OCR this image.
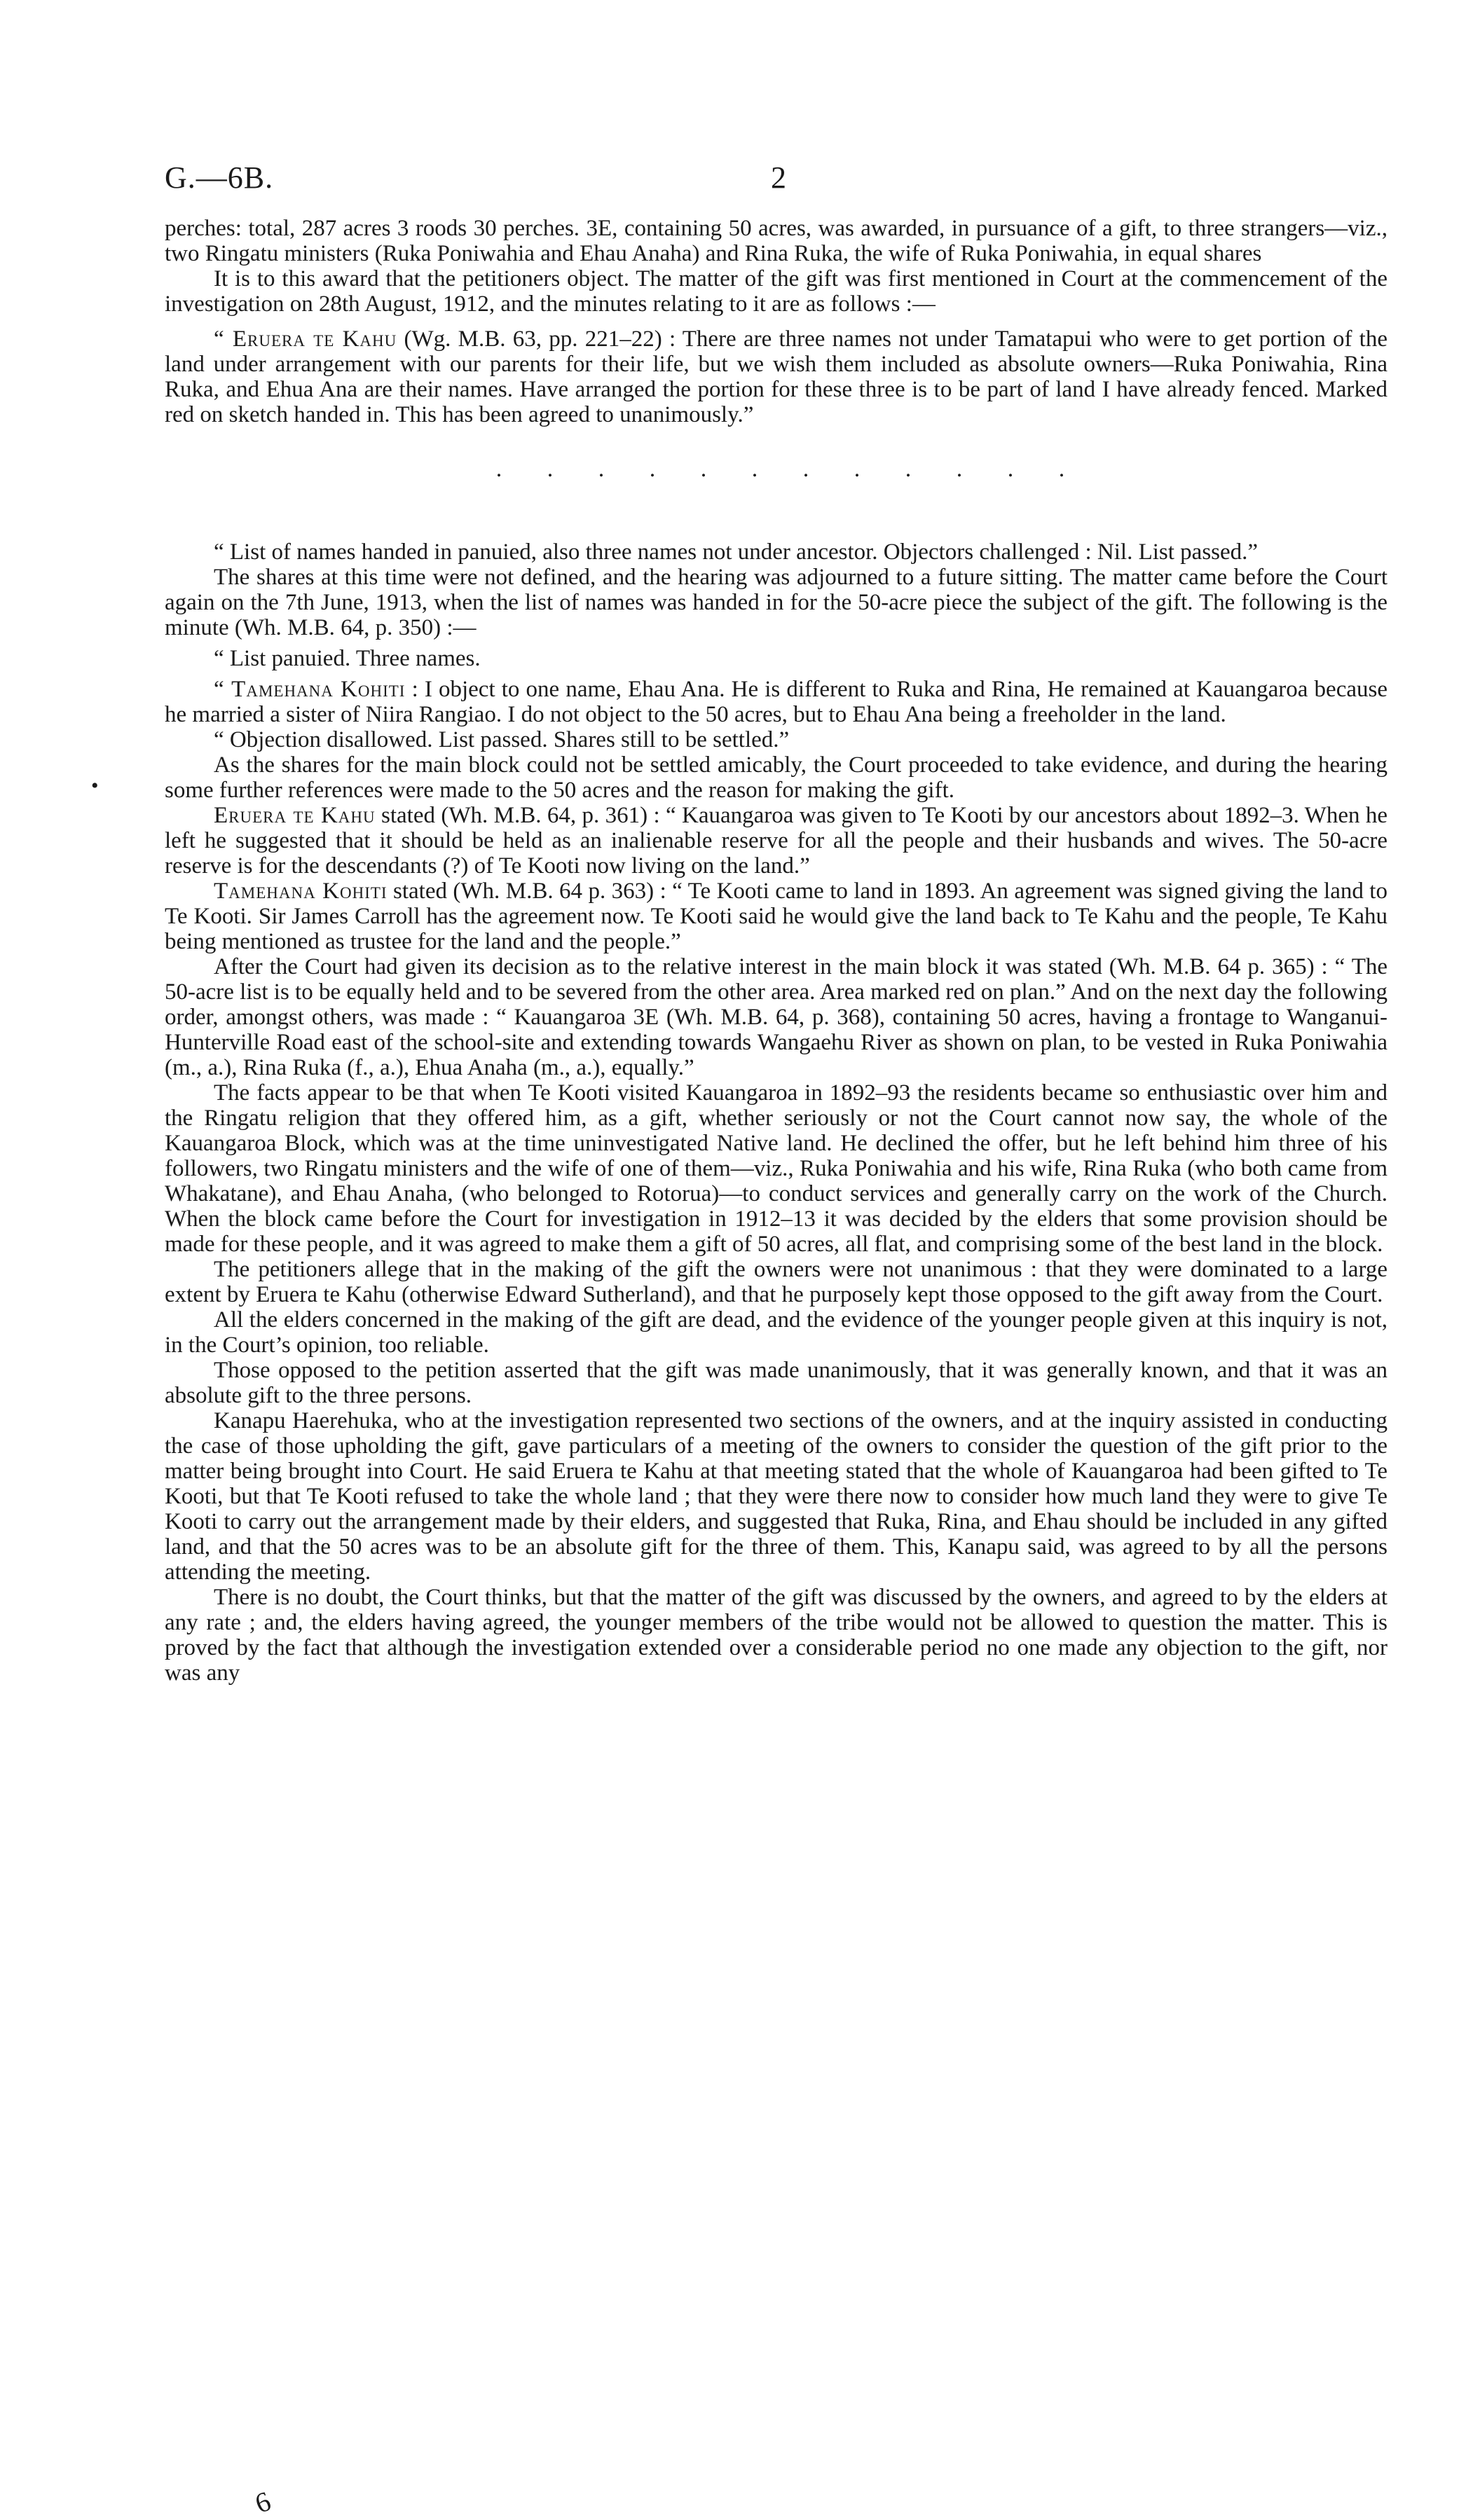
G.—6B.	2

perches: total, 287 acres 3 roods 30 perches. 3E, containing 50 acres, was awarded, in pursuance of a gift, to three strangers—viz., two Ringatu ministers (Ruka Poniwahia and Ehau Anaha) and Rina Ruka, the wife of Ruka Poniwahia, in equal shares

It is to this award that the petitioners object. The matter of the gift was first mentioned in Court at the commencement of the investigation on 28th August, 1912, and the minutes relating to it are as follows :—

“ Eruera te Kahu (Wg. M.B. 63, pp. 221–22) : There are three names not under Tamatapui who were to get portion of the land under arrangement with our parents for their life, but we wish them included as absolute owners—Ruka Poniwahia, Rina Ruka, and Ehua Ana are their names. Have arranged the portion for these three is to be part of land I have already fenced. Marked red on sketch handed in. This has been agreed to unanimously.”

. . . . . . . . . . . .

“ List of names handed in panuied, also three names not under ancestor. Objectors challenged : Nil. List passed.”

The shares at this time were not defined, and the hearing was adjourned to a future sitting. The matter came before the Court again on the 7th June, 1913, when the list of names was handed in for the 50-acre piece the subject of the gift. The following is the minute (Wh. M.B. 64, p. 350) :—

“ List panuied. Three names.

“ Tamehana Kohiti : I object to one name, Ehau Ana. He is different to Ruka and Rina, He remained at Kauangaroa because he married a sister of Niira Rangiao. I do not object to the 50 acres, but to Ehau Ana being a freeholder in the land.

“ Objection disallowed. List passed. Shares still to be settled.”

As the shares for the main block could not be settled amicably, the Court proceeded to take evidence, and during the hearing some further references were made to the 50 acres and the reason for making the gift.

Eruera te Kahu stated (Wh. M.B. 64, p. 361) : “ Kauangaroa was given to Te Kooti by our ancestors about 1892–3. When he left he suggested that it should be held as an inalienable reserve for all the people and their husbands and wives. The 50-acre reserve is for the descendants (?) of Te Kooti now living on the land.”

Tamehana Kohiti stated (Wh. M.B. 64 p. 363) : “ Te Kooti came to land in 1893. An agreement was signed giving the land to Te Kooti. Sir James Carroll has the agreement now. Te Kooti said he would give the land back to Te Kahu and the people, Te Kahu being mentioned as trustee for the land and the people.”

After the Court had given its decision as to the relative interest in the main block it was stated (Wh. M.B. 64 p. 365) : “ The 50-acre list is to be equally held and to be severed from the other area. Area marked red on plan.” And on the next day the following order, amongst others, was made : “ Kauangaroa 3E (Wh. M.B. 64, p. 368), containing 50 acres, having a frontage to Wanganui-Hunterville Road east of the school-site and extending towards Wangaehu River as shown on plan, to be vested in Ruka Poniwahia (m., a.), Rina Ruka (f., a.), Ehua Anaha (m., a.), equally.”

The facts appear to be that when Te Kooti visited Kauangaroa in 1892–93 the residents became so enthusiastic over him and the Ringatu religion that they offered him, as a gift, whether seriously or not the Court cannot now say, the whole of the Kauangaroa Block, which was at the time uninvestigated Native land. He declined the offer, but he left behind him three of his followers, two Ringatu ministers and the wife of one of them—viz., Ruka Poniwahia and his wife, Rina Ruka (who both came from Whakatane), and Ehau Anaha, (who belonged to Rotorua)—to conduct services and generally carry on the work of the Church. When the block came before the Court for investigation in 1912–13 it was decided by the elders that some provision should be made for these people, and it was agreed to make them a gift of 50 acres, all flat, and comprising some of the best land in the block.

The petitioners allege that in the making of the gift the owners were not unanimous : that they were dominated to a large extent by Eruera te Kahu (otherwise Edward Sutherland), and that he purposely kept those opposed to the gift away from the Court.

All the elders concerned in the making of the gift are dead, and the evidence of the younger people given at this inquiry is not, in the Court’s opinion, too reliable.

Those opposed to the petition asserted that the gift was made unanimously, that it was generally known, and that it was an absolute gift to the three persons.

Kanapu Haerehuka, who at the investigation represented two sections of the owners, and at the inquiry assisted in conducting the case of those upholding the gift, gave particulars of a meeting of the owners to consider the question of the gift prior to the matter being brought into Court. He said Eruera te Kahu at that meeting stated that the whole of Kauangaroa had been gifted to Te Kooti, but that Te Kooti refused to take the whole land ; that they were there now to consider how much land they were to give Te Kooti to carry out the arrangement made by their elders, and suggested that Ruka, Rina, and Ehau should be included in any gifted land, and that the 50 acres was to be an absolute gift for the three of them. This, Kanapu said, was agreed to by all the persons attending the meeting.

There is no doubt, the Court thinks, but that the matter of the gift was discussed by the owners, and agreed to by the elders at any rate ; and, the elders having agreed, the younger members of the tribe would not be allowed to question the matter. This is proved by the fact that although the investigation extended over a considerable period no one made any objection to the gift, nor was any

•
6
